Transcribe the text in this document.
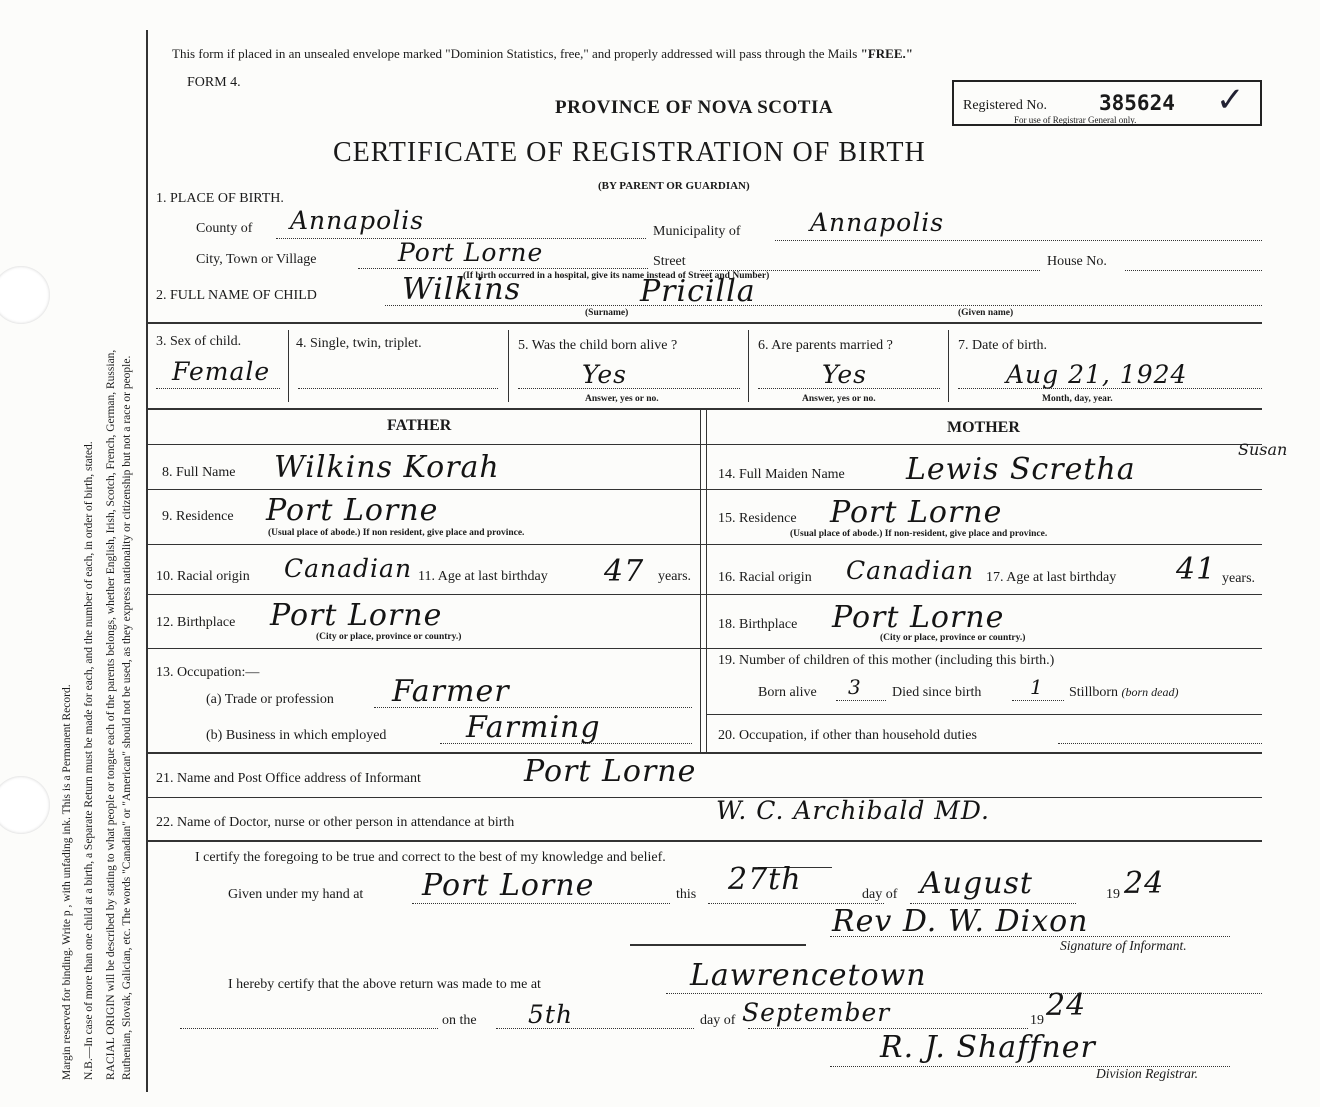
Margin reserved for binding. Write p , with unfading ink. This is a Permanent Record. N.B.—In case of more than one child at a birth, a Separate Return must be made for each, and the number of each, in order of birth, stated. RACIAL ORIGIN will be described by stating to what people or tongue each of the parents belongs, whether English, Irish, Scotch, French, German, Russian, Ruthenian, Slovak, Galician, etc. The words "Canadian" or "American" should not be used, as they express nationality or citizenship but not a race or people.
This form if placed in an unsealed envelope marked "Dominion Statistics, free," and properly addressed will pass through the Mails "FREE."
FORM 4.
PROVINCE OF NOVA SCOTIA	Registered No. 385624 ✓
For use of Registrar General only.
CERTIFICATE OF REGISTRATION OF BIRTH
(BY PARENT OR GUARDIAN)
1. PLACE OF BIRTH.
County of Annapolis	Municipality of	Annapolis
City, Town or Village	Port Lorne	Street	House No.
(If birth occurred in a hospital, give its name instead of Street and Number)
2. FULL NAME OF CHILD	Wilkins	Pricilla
(Surname)	(Given name)
3. Sex of child.
Female
4. Single, twin, triplet.	5. Was the child born alive ?
Yes
Answer, yes or no.
6. Are parents married ?
Yes
Answer, yes or no.
7. Date of birth.
Aug 21, 1924
Month, day, year.
FATHER	MOTHER
8. Full Name Wilkins Korah	14. Full Maiden Name Lewis Scretha
Susan
9. Residence Port Lorne
(Usual place of abode.) If non resident, give place and province.
15. Residence Port Lorne
(Usual place of abode.) If non-resident, give place and province.
10. Racial origin Canadian 11. Age at last birthday 47 years. 16. Racial origin Canadian 17. Age at last birthday 41 years.
12. Birthplace Port Lorne
(City or place, province or country.)
18. Birthplace Port Lorne
(City or place, province or country.)
13. Occupation:—
(a) Trade or profession Farmer
(b) Business in which employed	Farming
19. Number of children of this mother (including this birth.)
Born alive 3 Died since birth 1 Stillborn (born dead)
20. Occupation, if other than household duties
21. Name and Post Office address of Informant	Port Lorne
22. Name of Doctor, nurse or other person in attendance at birth	W. C. Archibald MD.
I certify the foregoing to be true and correct to the best of my knowledge and belief.
Given under my hand at Port Lorne	this 27th	day of August	19 24
Rev D. W. Dixon
Signature of Informant.
I hereby certify that the above return was made to me at	Lawrencetown
on the 5th	day of September	19 24
R. J. Shaffner
Division Registrar.
